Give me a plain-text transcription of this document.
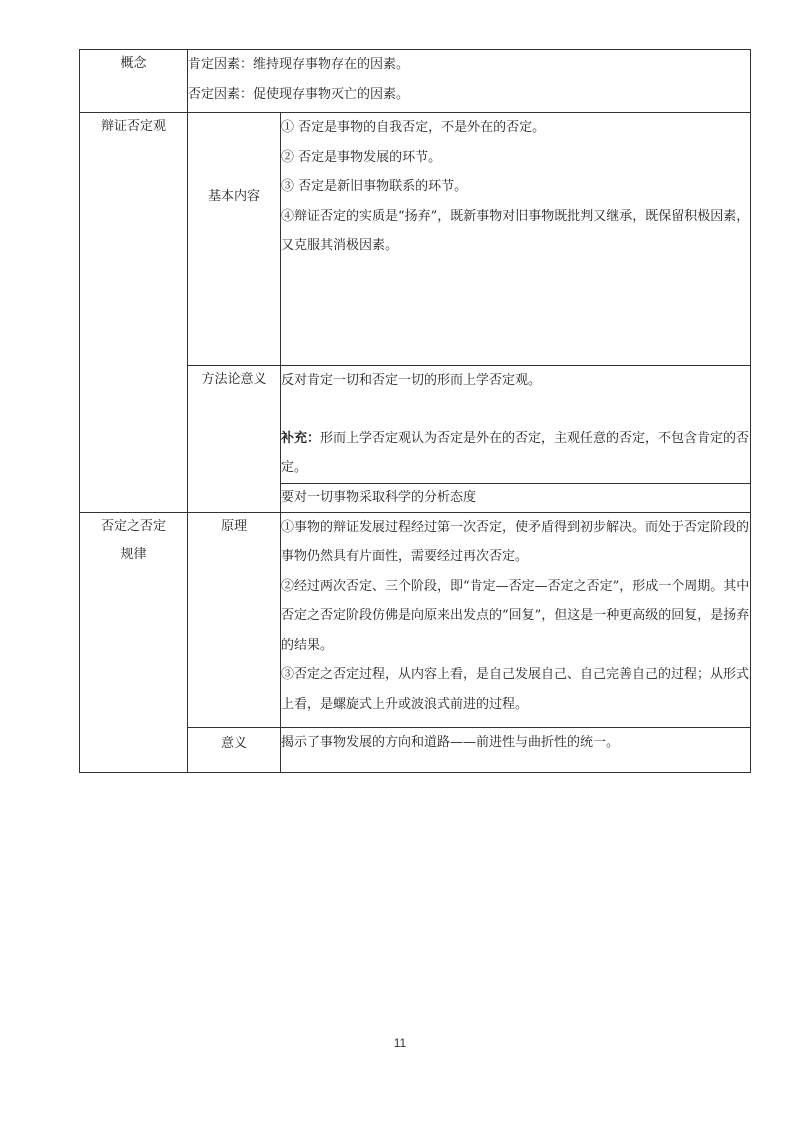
概念	肯定因素：维持现存事物存在的因素。

否定因素：促使现存事物灭亡的因素。	

辩证否定观	基本内容	① 否定是事物的自我否定，不是外在的否定。

② 否定是事物发展的环节。

③ 否定是新旧事物联系的环节。

④辩证否定的实质是“扬弃”，既新事物对旧事物既批判又继承，既保留积极因素，又克服其消极因素。

	方法论意义	反对肯定一切和否定一切的形而上学否定观。

补充：形而上学否定观认为否定是外在的否定，主观任意的否定，不包含肯定的否定。

		要对一切事物采取科学的分析态度
否定之否定规律	原理	①事物的辩证发展过程经过第一次否定，使矛盾得到初步解决。而处于否定阶段的事物仍然具有片面性，需要经过再次否定。

②经过两次否定、三个阶段，即“肯定—否定—否定之否定”，形成一个周期。其中否定之否定阶段仿佛是向原来出发点的“回复”，但这是一种更高级的回复，是扬弃的结果。

③否定之否定过程，从内容上看，是自己发展自己、自己完善自己的过程；从形式上看，是螺旋式上升或波浪式前进的过程。

	意义	揭示了事物发展的方向和道路——前进性与曲折性的统一。
11
